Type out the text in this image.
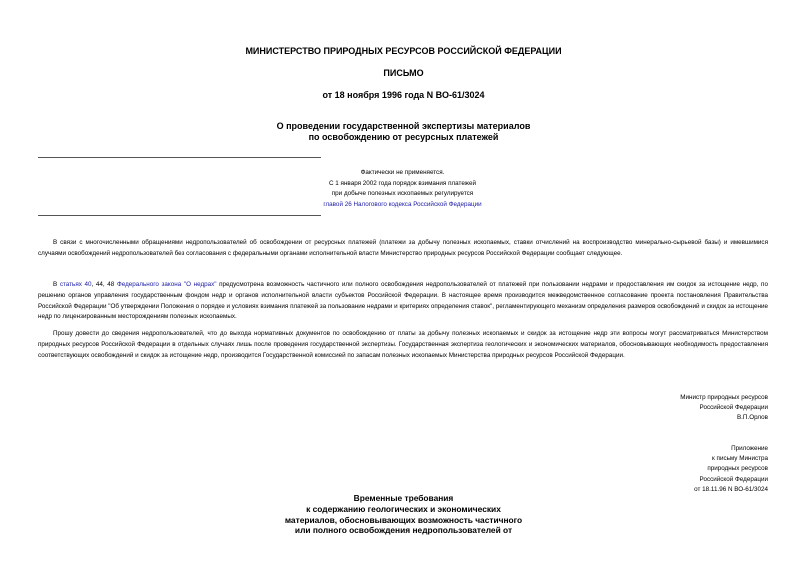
МИНИСТЕРСТВО ПРИРОДНЫХ РЕСУРСОВ РОССИЙСКОЙ ФЕДЕРАЦИИ
ПИСЬМО
от 18 ноября 1996 года N ВО-61/3024
О проведении государственной экспертизы материалов
по освобождению от ресурсных платежей
Фактически не применяется.
С 1 января 2002 года порядок взимания платежей
при добыче полезных ископаемых регулируется
главой 26 Налогового кодекса Российской Федерации

В связи с многочисленными обращениями недропользователей об освобождении от ресурсных платежей (платежи за добычу полезных ископаемых, ставки отчислений на воспроизводство минерально-сырьевой базы) и имевшимися случаями освобождений недропользователей без согласования с федеральными органами исполнительной власти Министерство природных ресурсов Российской Федерации сообщает следующее.

В статьях 40, 44, 48 Федерального закона "О недрах" предусмотрена возможность частичного или полного освобождения недропользователей от платежей при пользовании недрами и предоставления им скидок за истощение недр, по решению органов управления государственным фондом недр и органов исполнительной власти субъектов Российской Федерации. В настоящее время производится межведомственное согласование проекта постановления Правительства Российской Федерации "Об утверждении Положения о порядке и условиях взимания платежей за пользование недрами и критериях определения ставок", регламентирующего механизм определения размеров освобождений и скидок за истощение недр по лицензированным месторождениям полезных ископаемых.

Прошу довести до сведения недропользователей, что до выхода нормативных документов по освобождению от платы за добычу полезных ископаемых и скидок за истощение недр эти вопросы могут рассматриваться Министерством природных ресурсов Российской Федерации в отдельных случаях лишь после проведения государственной экспертизы. Государственная экспертиза геологических и экономических материалов, обосновывающих необходимость предоставления соответствующих освобождений и скидок за истощение недр, производится Государственной комиссией по запасам полезных ископаемых Министерства природных ресурсов Российской Федерации.

Министр природных ресурсов
Российской Федерации
В.П.Орлов
Приложение
к письму Министра
природных ресурсов
Российской Федерации
от 18.11.96 N ВО-61/3024
Временные требования
к содержанию геологических и экономических
материалов, обосновывающих возможность частичного
или полного освобождения недропользователей от
